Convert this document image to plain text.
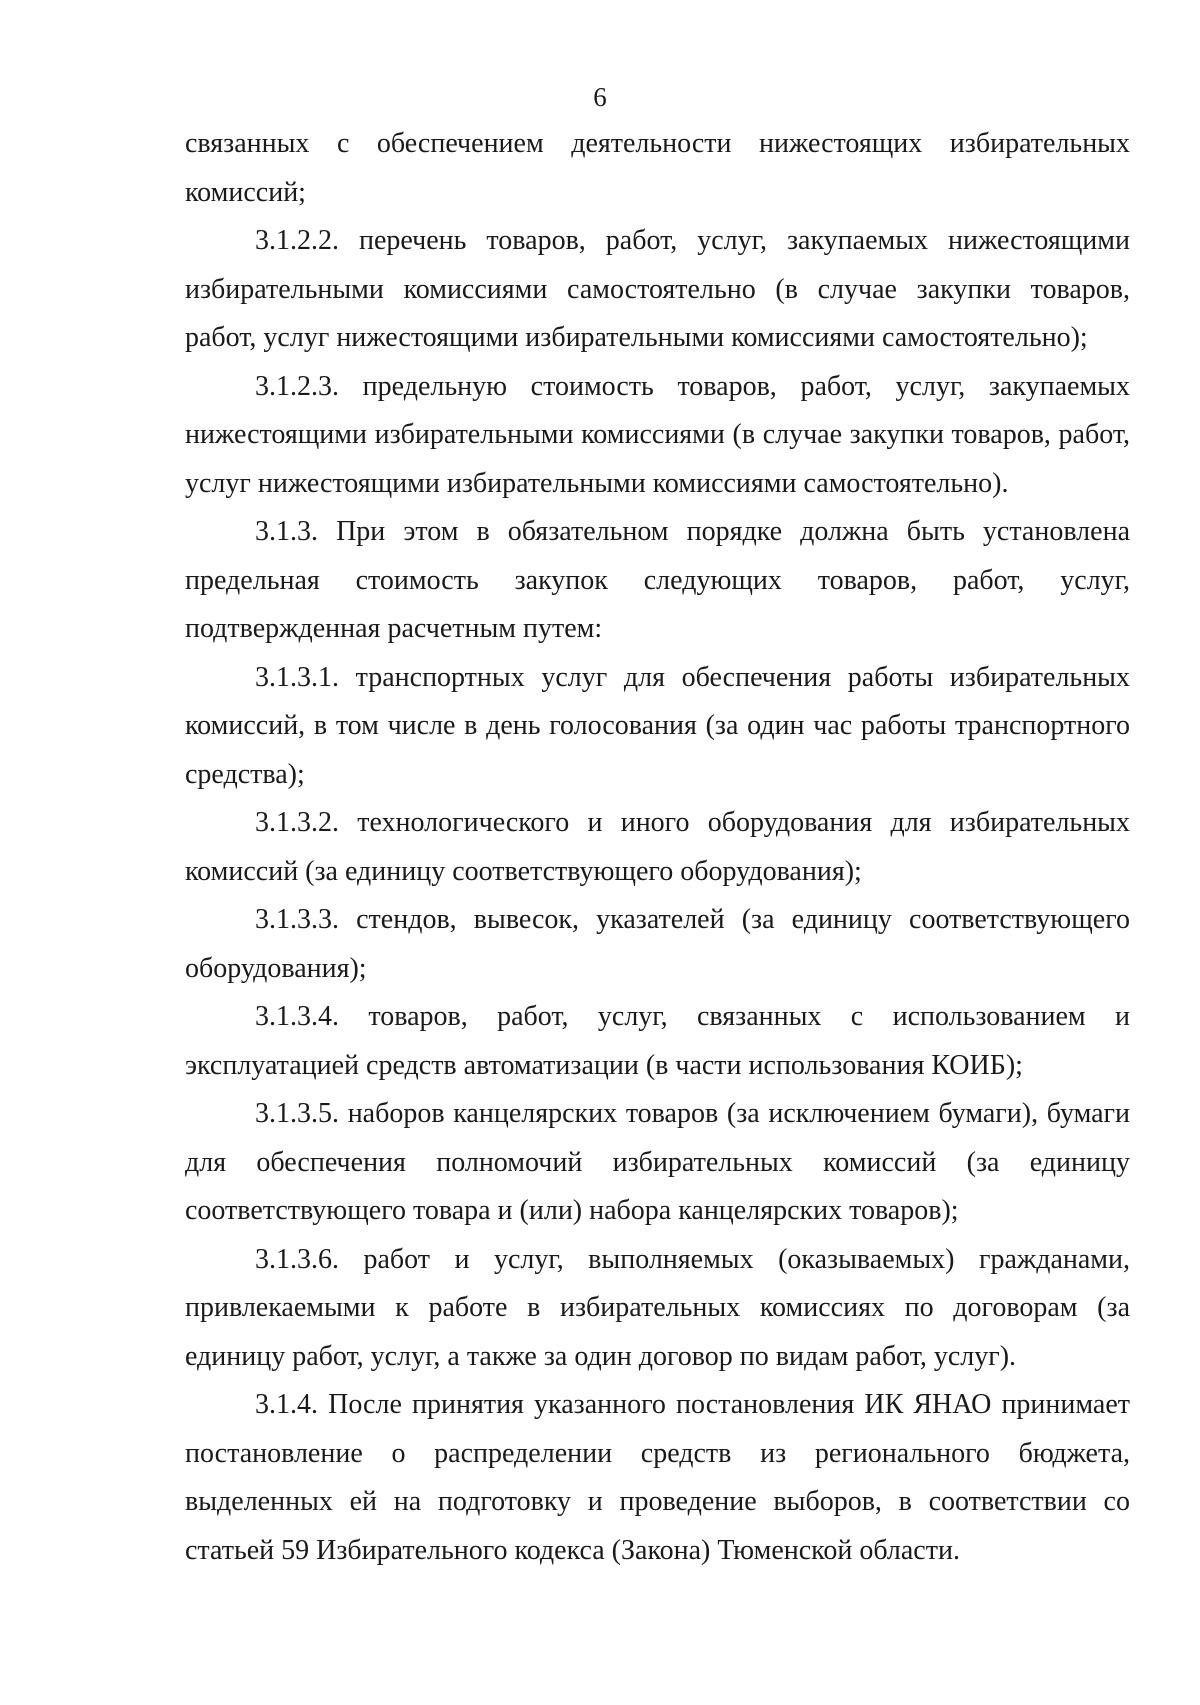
6

связанных с обеспечением деятельности нижестоящих избирательных комиссий;

3.1.2.2. перечень товаров, работ, услуг, закупаемых нижестоящими избирательными комиссиями самостоятельно (в случае закупки товаров, работ, услуг нижестоящими избирательными комиссиями самостоятельно);

3.1.2.3. предельную стоимость товаров, работ, услуг, закупаемых нижестоящими избирательными комиссиями (в случае закупки товаров, работ, услуг нижестоящими избирательными комиссиями самостоятельно).

3.1.3. При этом в обязательном порядке должна быть установлена предельная стоимость закупок следующих товаров, работ, услуг, подтвержденная расчетным путем:

3.1.3.1. транспортных услуг для обеспечения работы избирательных комиссий, в том числе в день голосования (за один час работы транспортного средства);

3.1.3.2. технологического и иного оборудования для избирательных комиссий (за единицу соответствующего оборудования);

3.1.3.3. стендов, вывесок, указателей (за единицу соответствующего оборудования);

3.1.3.4. товаров, работ, услуг, связанных с использованием и эксплуатацией средств автоматизации (в части использования КОИБ);

3.1.3.5. наборов канцелярских товаров (за исключением бумаги), бумаги для обеспечения полномочий избирательных комиссий (за единицу соответствующего товара и (или) набора канцелярских товаров);

3.1.3.6. работ и услуг, выполняемых (оказываемых) гражданами, привлекаемыми к работе в избирательных комиссиях по договорам (за единицу работ, услуг, а также за один договор по видам работ, услуг).

3.1.4. После принятия указанного постановления ИК ЯНАО принимает постановление о распределении средств из регионального бюджета, выделенных ей на подготовку и проведение выборов, в соответствии со статьей 59 Избирательного кодекса (Закона) Тюменской области.
